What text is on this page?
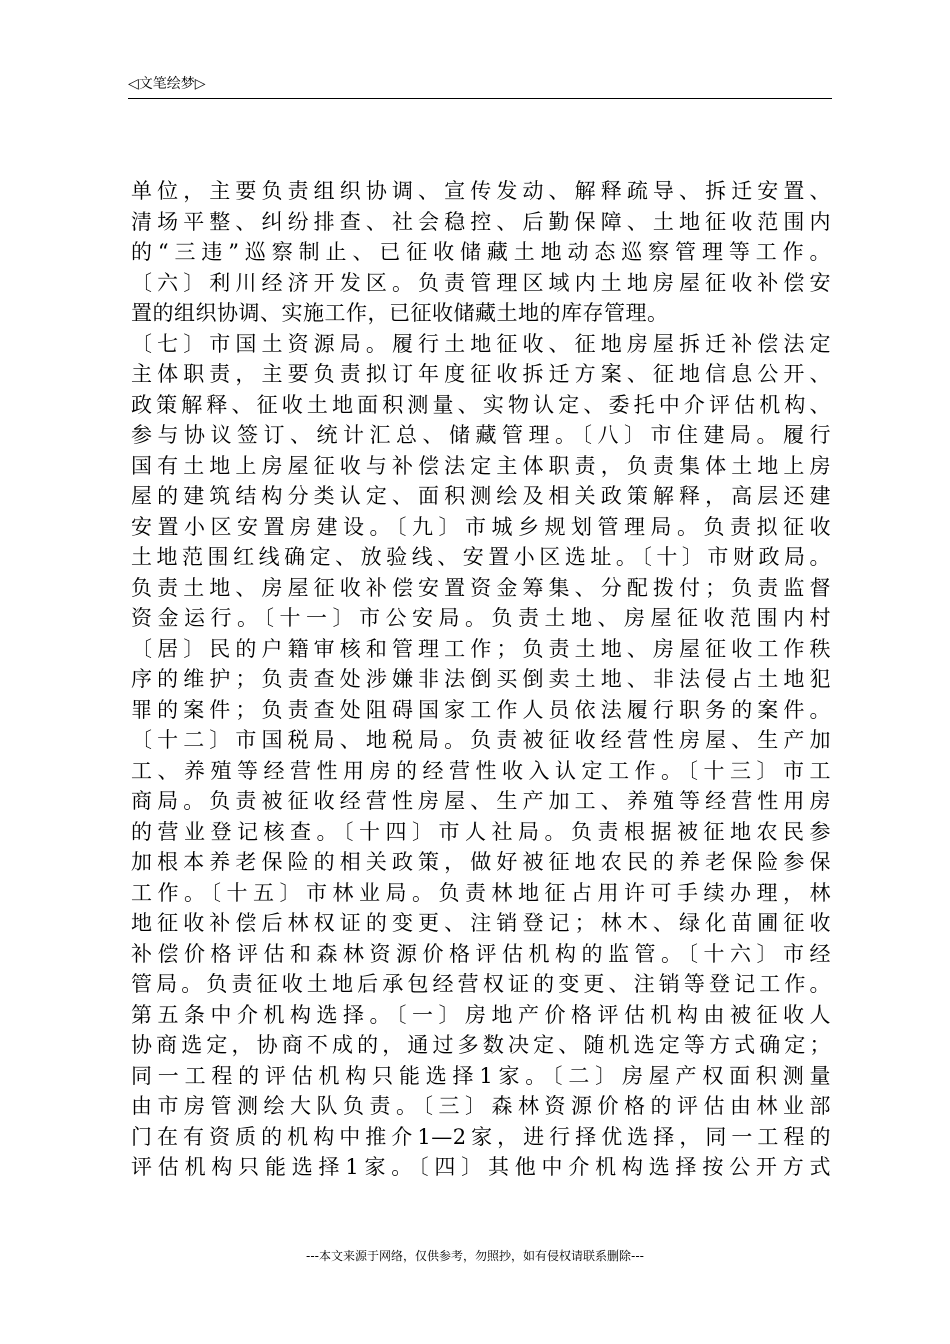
◁文笔绘梦▷
单位，主要负责组织协调、宣传发动、解释疏导、拆迁安置、
清场平整、纠纷排查、社会稳控、后勤保障、土地征收范围内
的“三违”巡察制止、已征收储藏土地动态巡察管理等工作。
〔六〕利川经济开发区。负责管理区域内土地房屋征收补偿安
置的组织协调、实施工作，已征收储藏土地的库存管理。
〔七〕市国土资源局。履行土地征收、征地房屋拆迁补偿法定
主体职责，主要负责拟订年度征收拆迁方案、征地信息公开、
政策解释、征收土地面积测量、实物认定、委托中介评估机构、
参与协议签订、统计汇总、储藏管理。〔八〕市住建局。履行
国有土地上房屋征收与补偿法定主体职责，负责集体土地上房
屋的建筑结构分类认定、面积测绘及相关政策解释，高层还建
安置小区安置房建设。〔九〕市城乡规划管理局。负责拟征收
土地范围红线确定、放验线、安置小区选址。〔十〕市财政局。
负责土地、房屋征收补偿安置资金筹集、分配拨付；负责监督
资金运行。〔十一〕市公安局。负责土地、房屋征收范围内村
〔居〕民的户籍审核和管理工作；负责土地、房屋征收工作秩
序的维护；负责查处涉嫌非法倒买倒卖土地、非法侵占土地犯
罪的案件；负责查处阻碍国家工作人员依法履行职务的案件。
〔十二〕市国税局、地税局。负责被征收经营性房屋、生产加
工、养殖等经营性用房的经营性收入认定工作。〔十三〕市工
商局。负责被征收经营性房屋、生产加工、养殖等经营性用房
的营业登记核查。〔十四〕市人社局。负责根据被征地农民参
加根本养老保险的相关政策，做好被征地农民的养老保险参保
工作。〔十五〕市林业局。负责林地征占用许可手续办理，林
地征收补偿后林权证的变更、注销登记；林木、绿化苗圃征收
补偿价格评估和森林资源价格评估机构的监管。〔十六〕市经
管局。负责征收土地后承包经营权证的变更、注销等登记工作。
第五条中介机构选择。〔一〕房地产价格评估机构由被征收人
协商选定，协商不成的，通过多数决定、随机选定等方式确定；
同一工程的评估机构只能选择1家。〔二〕房屋产权面积测量
由市房管测绘大队负责。〔三〕森林资源价格的评估由林业部
门在有资质的机构中推介1—2家，进行择优选择，同一工程的
评估机构只能选择1家。〔四〕其他中介机构选择按公开方式
---本文来源于网络，仅供参考，勿照抄，如有侵权请联系删除---
